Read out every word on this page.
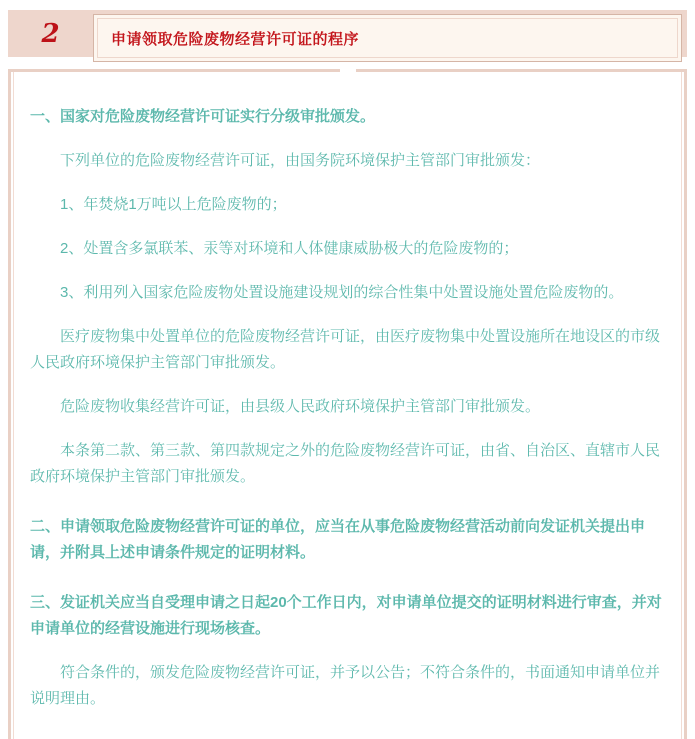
2	申请领取危险废物经营许可证的程序

一、国家对危险废物经营许可证实行分级审批颁发。

下列单位的危险废物经营许可证，由国务院环境保护主管部门审批颁发：

1、年焚烧1万吨以上危险废物的；

2、处置含多氯联苯、汞等对环境和人体健康威胁极大的危险废物的；

3、利用列入国家危险废物处置设施建设规划的综合性集中处置设施处置危险废物的。

医疗废物集中处置单位的危险废物经营许可证，由医疗废物集中处置设施所在地设区的市级人民政府环境保护主管部门审批颁发。

危险废物收集经营许可证，由县级人民政府环境保护主管部门审批颁发。

本条第二款、第三款、第四款规定之外的危险废物经营许可证，由省、自治区、直辖市人民政府环境保护主管部门审批颁发。

二、申请领取危险废物经营许可证的单位，应当在从事危险废物经营活动前向发证机关提出申请，并附具上述申请条件规定的证明材料。

三、发证机关应当自受理申请之日起20个工作日内，对申请单位提交的证明材料进行审查，并对申请单位的经营设施进行现场核查。

符合条件的，颁发危险废物经营许可证，并予以公告；不符合条件的，书面通知申请单位并说明理由。
